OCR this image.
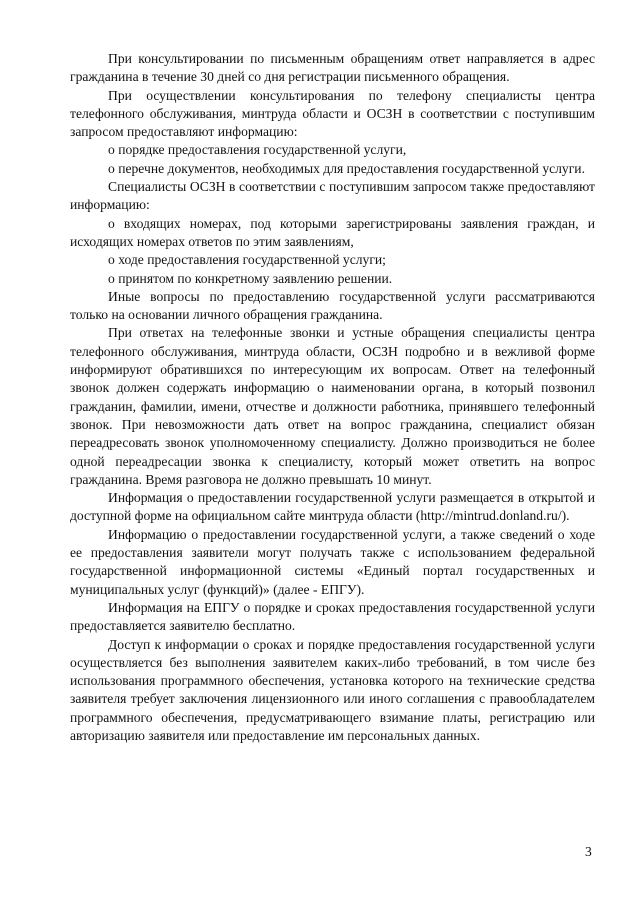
При консультировании по письменным обращениям ответ направляется в адрес гражданина в течение 30 дней со дня регистрации письменного обращения.

При осуществлении консультирования по телефону специалисты центра телефонного обслуживания, минтруда области и ОСЗН в соответствии с поступившим запросом предоставляют информацию:

о порядке предоставления государственной услуги,

о перечне документов, необходимых для предоставления государственной услуги.

Специалисты ОСЗН в соответствии с поступившим запросом также предоставляют информацию:

о входящих номерах, под которыми зарегистрированы заявления граждан, и исходящих номерах ответов по этим заявлениям,

о ходе предоставления государственной услуги;

о принятом по конкретному заявлению решении.

Иные вопросы по предоставлению государственной услуги рассматриваются только на основании личного обращения гражданина.

При ответах на телефонные звонки и устные обращения специалисты центра телефонного обслуживания, минтруда области, ОСЗН подробно и в вежливой форме информируют обратившихся по интересующим их вопросам. Ответ на телефонный звонок должен содержать информацию о наименовании органа, в который позвонил гражданин, фамилии, имени, отчестве и должности работника, принявшего телефонный звонок. При невозможности дать ответ на вопрос гражданина, специалист обязан переадресовать звонок уполномоченному специалисту. Должно производиться не более одной переадресации звонка к специалисту, который может ответить на вопрос гражданина. Время разговора не должно превышать 10 минут.

Информация о предоставлении государственной услуги размещается в открытой и доступной форме на официальном сайте минтруда области (http://mintrud.donland.ru/).

Информацию о предоставлении государственной услуги, а также сведений о ходе ее предоставления заявители могут получать также с использованием федеральной государственной информационной системы «Единый портал государственных и муниципальных услуг (функций)» (далее - ЕПГУ).

Информация на ЕПГУ о порядке и сроках предоставления государственной услуги предоставляется заявителю бесплатно.

Доступ к информации о сроках и порядке предоставления государственной услуги осуществляется без выполнения заявителем каких-либо требований, в том числе без использования программного обеспечения, установка которого на технические средства заявителя требует заключения лицензионного или иного соглашения с правообладателем программного обеспечения, предусматривающего взимание платы, регистрацию или авторизацию заявителя или предоставление им персональных данных.

3
